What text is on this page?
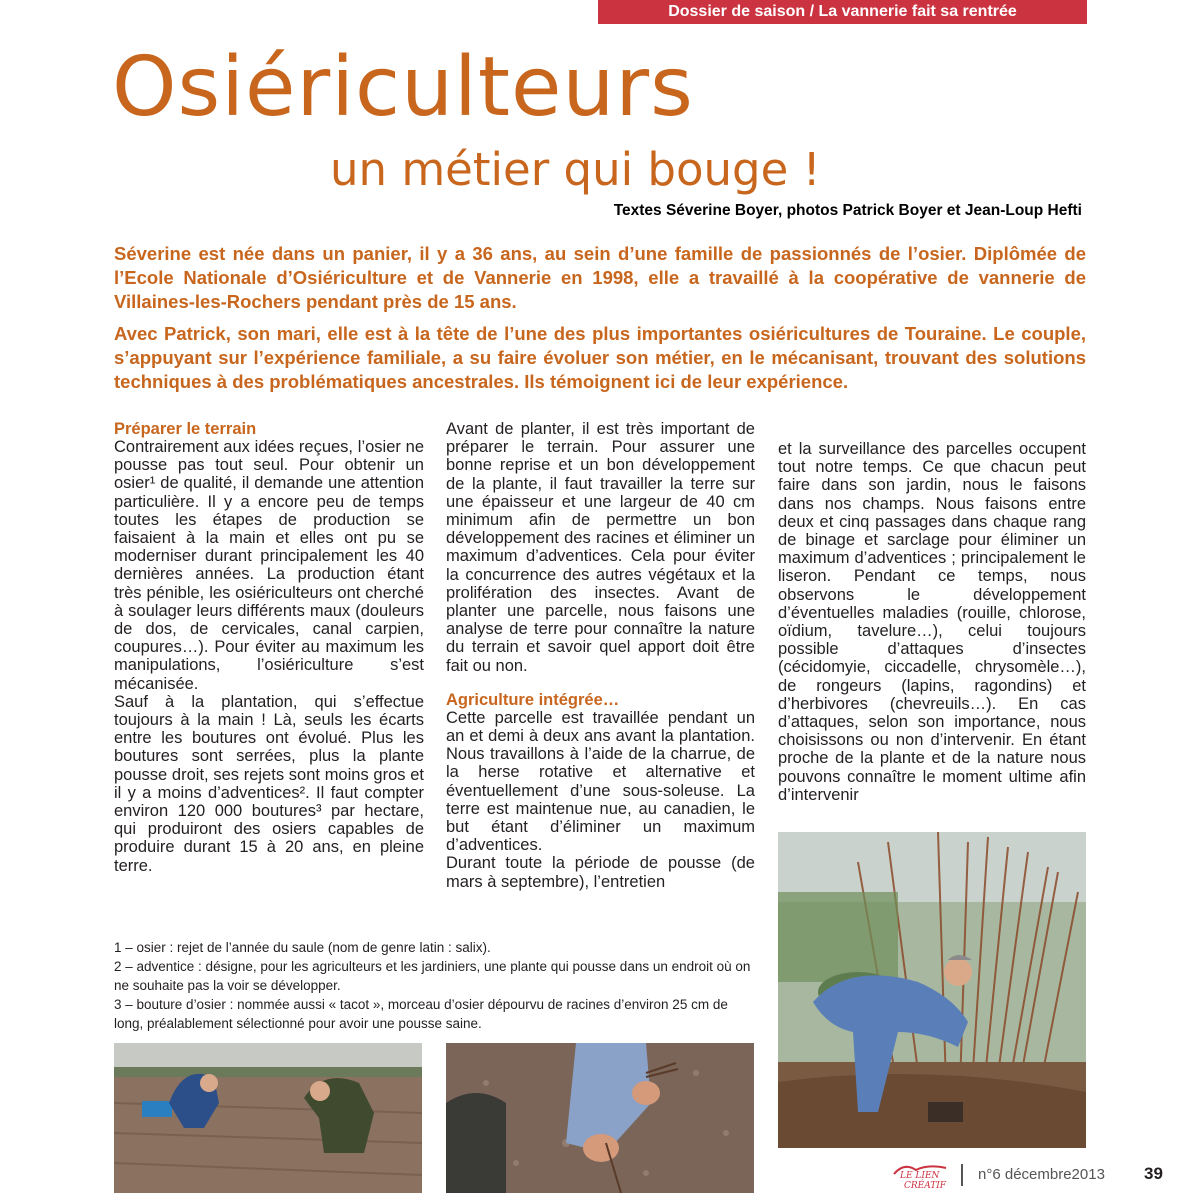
Dossier de saison / La vannerie fait sa rentrée
Osiériculteurs
un métier qui bouge !
Textes Séverine Boyer, photos Patrick Boyer et Jean-Loup Hefti

Séverine est née dans un panier, il y a 36 ans, au sein d’une famille de passionnés de l’osier. Diplômée de l’Ecole Nationale d’Osiériculture et de Vannerie en 1998, elle a travaillé à la coopérative de vannerie de Villaines-les-Rochers pendant près de 15 ans.

Avec Patrick, son mari, elle est à la tête de l’une des plus importantes osiéricultures de Touraine. Le couple, s’appuyant sur l’expérience familiale, a su faire évoluer son métier, en le mécanisant, trouvant des solutions techniques à des problématiques ancestrales. Ils témoignent ici de leur expérience.

Préparer le terrain

Contrairement aux idées reçues, l’osier ne pousse pas tout seul. Pour obtenir un osier¹ de qualité, il demande une attention particulière. Il y a encore peu de temps toutes les étapes de production se faisaient à la main et elles ont pu se moderniser durant principalement les 40 dernières années. La production étant très pénible, les osiériculteurs ont cherché à soulager leurs différents maux (douleurs de dos, de cervicales, canal carpien, coupures…). Pour éviter au maximum les manipulations, l’osiériculture s’est mécanisée.

Sauf à la plantation, qui s’effectue toujours à la main ! Là, seuls les écarts entre les boutures ont évolué. Plus les boutures sont serrées, plus la plante pousse droit, ses rejets sont moins gros et il y a moins d’adventices². Il faut compter environ 120 000 boutures³ par hectare, qui produiront des osiers capables de produire durant 15 à 20 ans, en pleine terre.

Avant de planter, il est très important de préparer le terrain. Pour assurer une bonne reprise et un bon développement de la plante, il faut travailler la terre sur une épaisseur et une largeur de 40 cm minimum afin de permettre un bon développement des racines et éliminer un maximum d’adventices. Cela pour éviter la concurrence des autres végétaux et la prolifération des insectes. Avant de planter une parcelle, nous faisons une analyse de terre pour connaître la nature du terrain et savoir quel apport doit être fait ou non.

Agriculture intégrée…

Cette parcelle est travaillée pendant un an et demi à deux ans avant la plantation. Nous travaillons à l’aide de la charrue, de la herse rotative et alternative et éventuellement d’une sous-soleuse. La terre est maintenue nue, au canadien, le but étant d’éliminer un maximum d’adventices.

Durant toute la période de pousse (de mars à septembre), l’entretien

et la surveillance des parcelles occupent tout notre temps. Ce que chacun peut faire dans son jardin, nous le faisons dans nos champs. Nous faisons entre deux et cinq passages dans chaque rang de binage et sarclage pour éliminer un maximum d’adventices ; principalement le liseron. Pendant ce temps, nous observons le développement d’éventuelles maladies (rouille, chlorose, oïdium, tavelure…), celui toujours possible d’attaques d’insectes (cécidomyie, ciccadelle, chrysomèle…), de rongeurs (lapins, ragondins) et d’herbivores (chevreuils…). En cas d’attaques, selon son importance, nous choisissons ou non d’intervenir. En étant proche de la plante et de la nature nous pouvons connaître le moment ultime afin d’intervenir

1 – osier : rejet de l’année du saule (nom de genre latin : salix).

2 – adventice : désigne, pour les agriculteurs et les jardiniers, une plante qui pousse dans un endroit où on ne souhaite pas la voir se développer.

3 – bouture d’osier : nommée aussi « tacot », morceau d’osier dépourvu de racines d’environ 25 cm de long, préalablement sélectionné pour avoir une pousse saine.

LE LIEN
CRÉATIF
n°6 décembre2013 39
